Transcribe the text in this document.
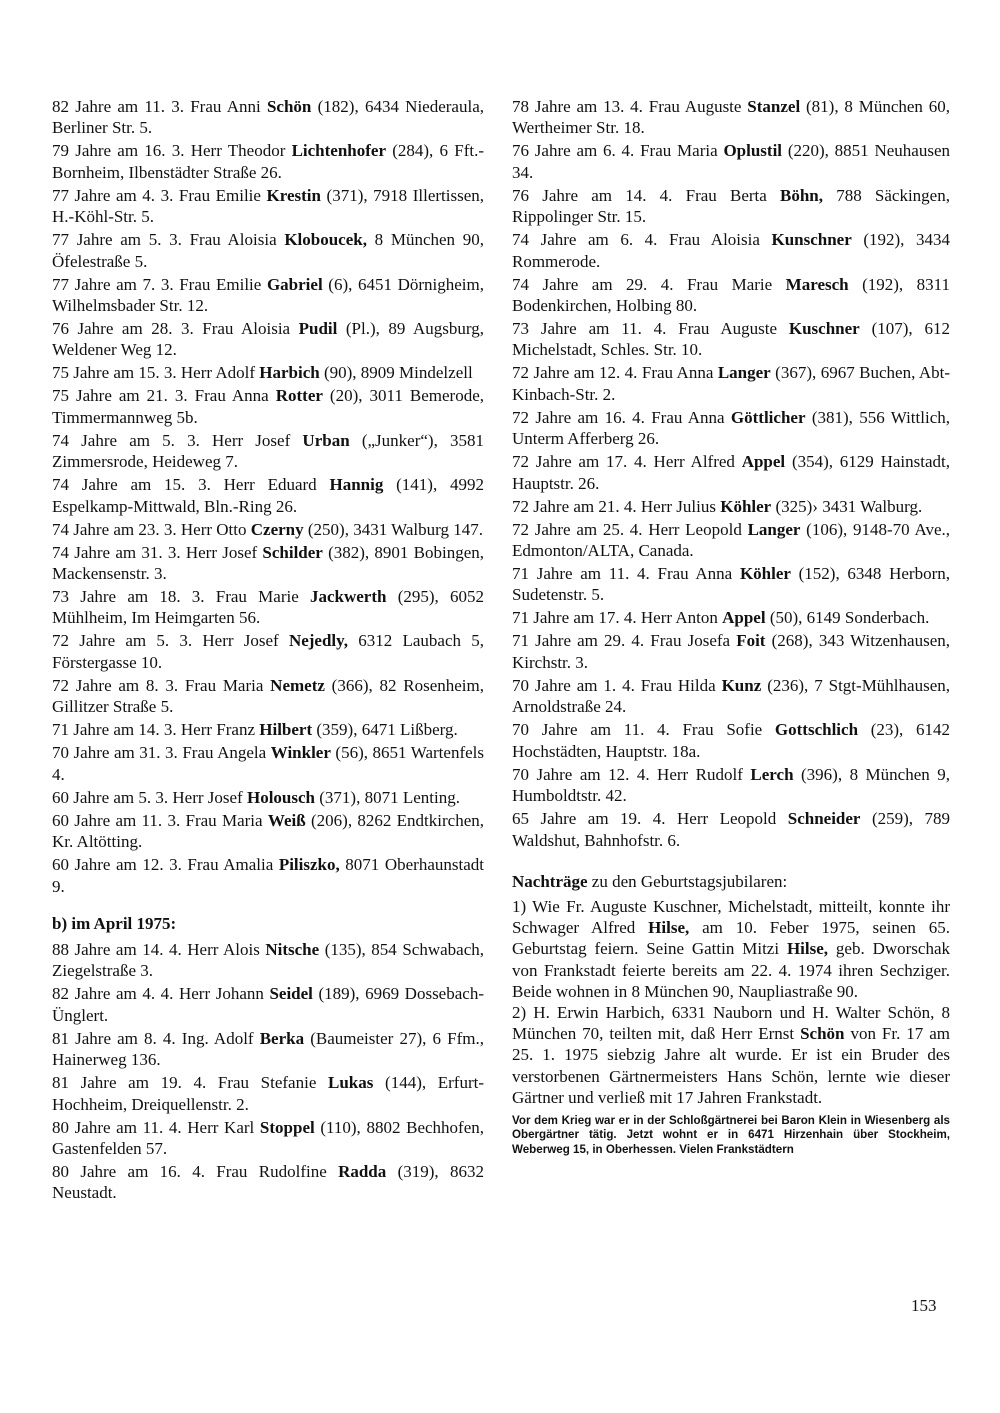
82 Jahre am 11. 3. Frau Anni Schön (182), 6434 Niederaula, Berliner Str. 5.
79 Jahre am 16. 3. Herr Theodor Lichtenhofer (284), 6 Fft.-Bornheim, Ilbenstädter Straße 26.
77 Jahre am 4. 3. Frau Emilie Krestin (371), 7918 Illertissen, H.-Köhl-Str. 5.
77 Jahre am 5. 3. Frau Aloisia Kloboucek, 8 München 90, Öfelestraße 5.
77 Jahre am 7. 3. Frau Emilie Gabriel (6), 6451 Dörnigheim, Wilhelmsbader Str. 12.
76 Jahre am 28. 3. Frau Aloisia Pudil (Pl.), 89 Augsburg, Weldener Weg 12.
75 Jahre am 15. 3. Herr Adolf Harbich (90), 8909 Mindelzell
75 Jahre am 21. 3. Frau Anna Rotter (20), 3011 Bemerode, Timmermannweg 5b.
74 Jahre am 5. 3. Herr Josef Urban („Junker“), 3581 Zimmersrode, Heideweg 7.
74 Jahre am 15. 3. Herr Eduard Hannig (141), 4992 Espelkamp-Mittwald, Bln.-Ring 26.
74 Jahre am 23. 3. Herr Otto Czerny (250), 3431 Walburg 147.
74 Jahre am 31. 3. Herr Josef Schilder (382), 8901 Bobingen, Mackensenstr. 3.
73 Jahre am 18. 3. Frau Marie Jackwerth (295), 6052 Mühlheim, Im Heimgarten 56.
72 Jahre am 5. 3. Herr Josef Nejedly, 6312 Laubach 5, Förstergasse 10.
72 Jahre am 8. 3. Frau Maria Nemetz (366), 82 Rosenheim, Gillitzer Straße 5.
71 Jahre am 14. 3. Herr Franz Hilbert (359), 6471 Lißberg.
70 Jahre am 31. 3. Frau Angela Winkler (56), 8651 Wartenfels 4.
60 Jahre am 5. 3. Herr Josef Holousch (371), 8071 Lenting.
60 Jahre am 11. 3. Frau Maria Weiß (206), 8262 Endtkirchen, Kr. Altötting.
60 Jahre am 12. 3. Frau Amalia Piliszko, 8071 Oberhaunstadt 9.
b) im April 1975:
88 Jahre am 14. 4. Herr Alois Nitsche (135), 854 Schwabach, Ziegelstraße 3.
82 Jahre am 4. 4. Herr Johann Seidel (189), 6969 Dossebach-Ünglert.
81 Jahre am 8. 4. Ing. Adolf Berka (Baumeister 27), 6 Ffm., Hainerweg 136.
81 Jahre am 19. 4. Frau Stefanie Lukas (144), Erfurt-Hochheim, Dreiquellenstr. 2.
80 Jahre am 11. 4. Herr Karl Stoppel (110), 8802 Bechhofen, Gastenfelden 57.
80 Jahre am 16. 4. Frau Rudolfine Radda (319), 8632 Neustadt.
78 Jahre am 13. 4. Frau Auguste Stanzel (81), 8 München 60, Wertheimer Str. 18.
76 Jahre am 6. 4. Frau Maria Oplustil (220), 8851 Neuhausen 34.
76 Jahre am 14. 4. Frau Berta Böhn, 788 Säckingen, Rippolinger Str. 15.
74 Jahre am 6. 4. Frau Aloisia Kunschner (192), 3434 Rommerode.
74 Jahre am 29. 4. Frau Marie Maresch (192), 8311 Bodenkirchen, Holbing 80.
73 Jahre am 11. 4. Frau Auguste Kuschner (107), 612 Michelstadt, Schles. Str. 10.
72 Jahre am 12. 4. Frau Anna Langer (367), 6967 Buchen, Abt-Kinbach-Str. 2.
72 Jahre am 16. 4. Frau Anna Göttlicher (381), 556 Wittlich, Unterm Afferberg 26.
72 Jahre am 17. 4. Herr Alfred Appel (354), 6129 Hainstadt, Hauptstr. 26.
72 Jahre am 21. 4. Herr Julius Köhler (325)› 3431 Walburg.
72 Jahre am 25. 4. Herr Leopold Langer (106), 9148-70 Ave., Edmonton/ALTA, Canada.
71 Jahre am 11. 4. Frau Anna Köhler (152), 6348 Herborn, Sudetenstr. 5.
71 Jahre am 17. 4. Herr Anton Appel (50), 6149 Sonderbach.
71 Jahre am 29. 4. Frau Josefa Foit (268), 343 Witzenhausen, Kirchstr. 3.
70 Jahre am 1. 4. Frau Hilda Kunz (236), 7 Stgt-Mühlhausen, Arnoldstraße 24.
70 Jahre am 11. 4. Frau Sofie Gottschlich (23), 6142 Hochstädten, Hauptstr. 18a.
70 Jahre am 12. 4. Herr Rudolf Lerch (396), 8 München 9, Humboldtstr. 42.
65 Jahre am 19. 4. Herr Leopold Schneider (259), 789 Waldshut, Bahnhofstr. 6.
Nachträge zu den Geburtstagsjubilaren:

1) Wie Fr. Auguste Kuschner, Michelstadt, mitteilt, konnte ihr Schwager Alfred Hilse, am 10. Feber 1975, seinen 65. Geburtstag feiern. Seine Gattin Mitzi Hilse, geb. Dworschak von Frankstadt feierte bereits am 22. 4. 1974 ihren Sechziger. Beide wohnen in 8 München 90, Naupliastraße 90.

2) H. Erwin Harbich, 6331 Nauborn und H. Walter Schön, 8 München 70, teilten mit, daß Herr Ernst Schön von Fr. 17 am 25. 1. 1975 siebzig Jahre alt wurde. Er ist ein Bruder des verstorbenen Gärtnermeisters Hans Schön, lernte wie dieser Gärtner und verließ mit 17 Jahren Frankstadt.

Vor dem Krieg war er in der Schloßgärtnerei bei Baron Klein in Wiesenberg als Obergärtner tätig. Jetzt wohnt er in 6471 Hirzenhain über Stockheim, Weberweg 15, in Oberhessen. Vielen Frankstädtern

153
